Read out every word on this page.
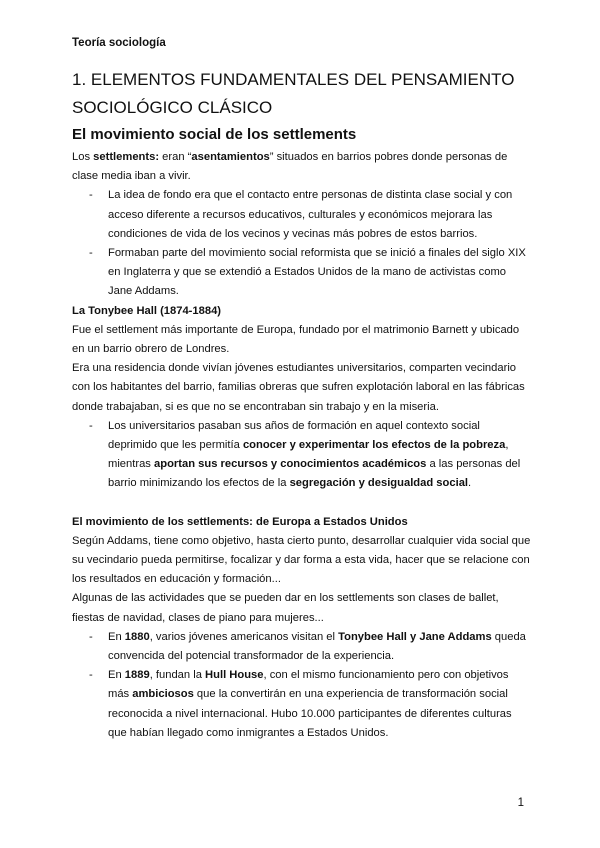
Teoría sociología
1. ELEMENTOS FUNDAMENTALES DEL PENSAMIENTO SOCIOLÓGICO CLÁSICO
El movimiento social de los settlements

Los settlements: eran “asentamientos” situados en barrios pobres donde personas de clase media iban a vivir.

- La idea de fondo era que el contacto entre personas de distinta clase social y con acceso diferente a recursos educativos, culturales y económicos mejorara las condiciones de vida de los vecinos y vecinas más pobres de estos barrios.
- Formaban parte del movimiento social reformista que se inició a finales del siglo XIX en Inglaterra y que se extendió a Estados Unidos de la mano de activistas como Jane Addams.

La Tonybee Hall (1874-1884)

Fue el settlement más importante de Europa, fundado por el matrimonio Barnett y ubicado en un barrio obrero de Londres.

Era una residencia donde vivían jóvenes estudiantes universitarios, comparten vecindario con los habitantes del barrio, familias obreras que sufren explotación laboral en las fábricas donde trabajaban, si es que no se encontraban sin trabajo y en la miseria.

- Los universitarios pasaban sus años de formación en aquel contexto social deprimido que les permitía conocer y experimentar los efectos de la pobreza, mientras aportan sus recursos y conocimientos académicos a las personas del barrio minimizando los efectos de la segregación y desigualdad social.

El movimiento de los settlements: de Europa a Estados Unidos

Según Addams, tiene como objetivo, hasta cierto punto, desarrollar cualquier vida social que su vecindario pueda permitirse, focalizar y dar forma a esta vida, hacer que se relacione con los resultados en educación y formación...

Algunas de las actividades que se pueden dar en los settlements son clases de ballet, fiestas de navidad, clases de piano para mujeres...

- En 1880, varios jóvenes americanos visitan el Tonybee Hall y Jane Addams queda convencida del potencial transformador de la experiencia.
- En 1889, fundan la Hull House, con el mismo funcionamiento pero con objetivos más ambiciosos que la convertirán en una experiencia de transformación social reconocida a nivel internacional. Hubo 10.000 participantes de diferentes culturas que habían llegado como inmigrantes a Estados Unidos.
1
